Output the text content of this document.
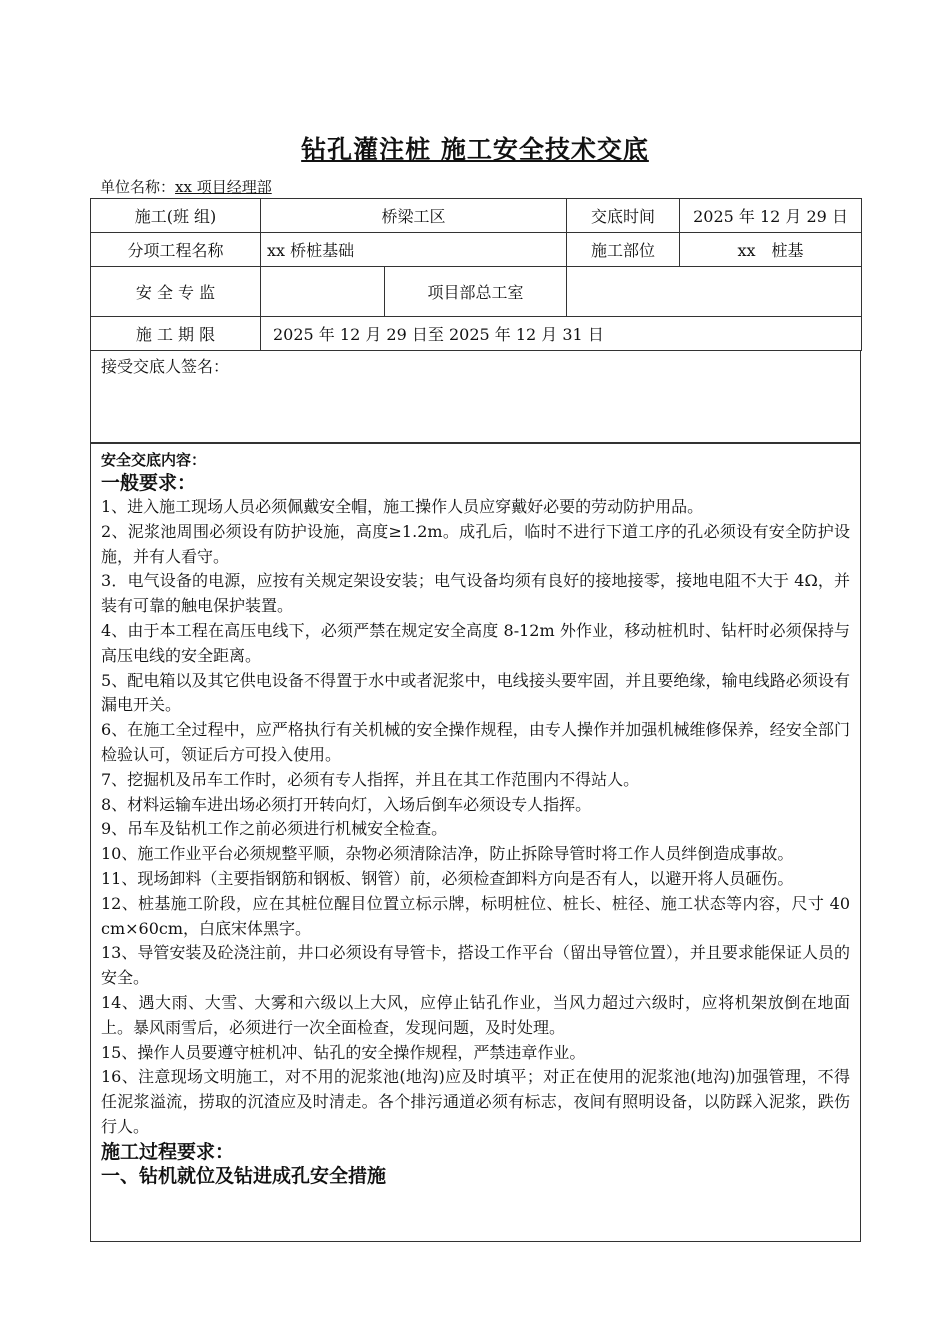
钻孔灌注桩 施工安全技术交底
单位名称：xx 项目经理部
施工(班 组)	桥梁工区		交底时间	2025 年 12 月 29 日
分项工程名称	xx 桥桩基础		施工部位	xx　桩基
安 全 专 监		项目部总工室		
施 工 期 限	2025 年 12 月 29 日至 2025 年 12 月 31 日			
接受交底人签名：
安全交底内容：
一般要求：
1、进入施工现场人员必须佩戴安全帽，施工操作人员应穿戴好必要的劳动防护用品。
2、泥浆池周围必须设有防护设施，高度≥1.2m。成孔后，临时不进行下道工序的孔必须设有安全防护设施，并有人看守。
3．电气设备的电源，应按有关规定架设安装；电气设备均须有良好的接地接零，接地电阻不大于 4Ω，并装有可靠的触电保护装置。
4、由于本工程在高压电线下，必须严禁在规定安全高度 8-12m 外作业，移动桩机时、钻杆时必须保持与高压电线的安全距离。
5、配电箱以及其它供电设备不得置于水中或者泥浆中，电线接头要牢固，并且要绝缘，输电线路必须设有漏电开关。
6、在施工全过程中，应严格执行有关机械的安全操作规程，由专人操作并加强机械维修保养，经安全部门检验认可，领证后方可投入使用。
7、挖掘机及吊车工作时，必须有专人指挥，并且在其工作范围内不得站人。
8、材料运输车进出场必须打开转向灯，入场后倒车必须设专人指挥。
9、吊车及钻机工作之前必须进行机械安全检查。
10、施工作业平台必须规整平顺，杂物必须清除洁净，防止拆除导管时将工作人员绊倒造成事故。
11、现场卸料（主要指钢筋和钢板、钢管）前，必须检查卸料方向是否有人，以避开将人员砸伤。
12、桩基施工阶段，应在其桩位醒目位置立标示牌，标明桩位、桩长、桩径、施工状态等内容，尺寸 40 cm×60cm，白底宋体黑字。
13、导管安装及砼浇注前，井口必须设有导管卡，搭设工作平台（留出导管位置），并且要求能保证人员的安全。
14、遇大雨、大雪、大雾和六级以上大风，应停止钻孔作业，当风力超过六级时，应将机架放倒在地面上。暴风雨雪后，必须进行一次全面检查，发现问题，及时处理。
15、操作人员要遵守桩机冲、钻孔的安全操作规程，严禁违章作业。
16、注意现场文明施工，对不用的泥浆池(地沟)应及时填平；对正在使用的泥浆池(地沟)加强管理，不得任泥浆溢流，捞取的沉渣应及时清走。各个排污通道必须有标志，夜间有照明设备，以防踩入泥浆，跌伤行人。
施工过程要求：
一、钻机就位及钻进成孔安全措施
